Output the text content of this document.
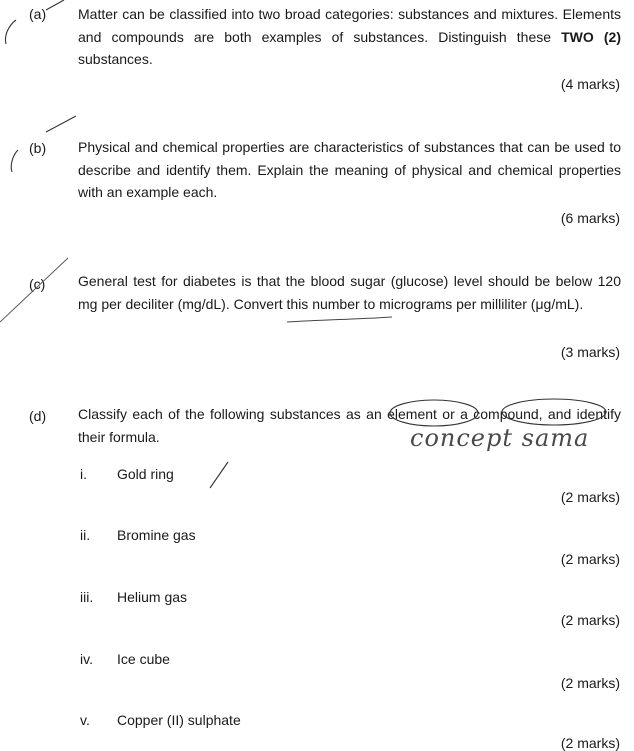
(a) Matter can be classified into two broad categories: substances and mixtures. Elements and compounds are both examples of substances. Distinguish these TWO (2) substances.
(4 marks)
(b) Physical and chemical properties are characteristics of substances that can be used to describe and identify them. Explain the meaning of physical and chemical properties with an example each.
(6 marks)
(c) General test for diabetes is that the blood sugar (glucose) level should be below 120 mg per deciliter (mg/dL). Convert this number to micrograms per milliliter (μg/mL).
(3 marks)
(d) Classify each of the following substances as an element or a compound, and identify their formula.
i. Gold ring
(2 marks)
ii. Bromine gas
(2 marks)
iii. Helium gas
(2 marks)
iv. Ice cube
(2 marks)
v. Copper (II) sulphate
(2 marks)
concept sama
